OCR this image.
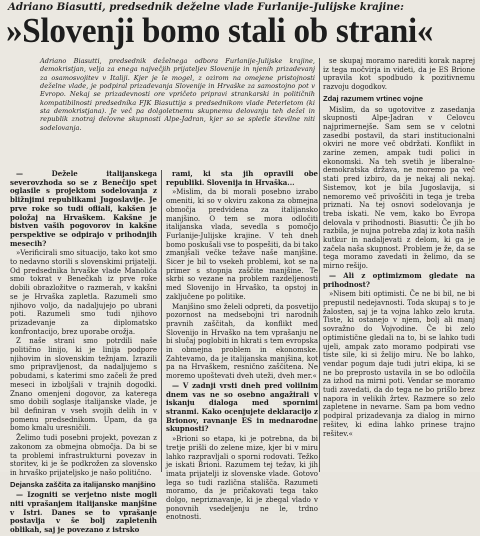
Adriano Biasutti, predsednik deželne vlade Furlanije-Julijske krajine:
»Slovenji bomo stali ob strani«
Adriano Biasutti, predsednik deželnega odbora Furlanije-Julijske krajine, demokristjan, velja za enega največjih prijateljev Slovenije in njenih prizadevanj za osamosvojitev v Italiji. Kjer je le mogel, z ozirom na omejene pristojnosti deželne vlade, je podpiral prizadevanja Slovenije in Hrvaške za samostojno pot v Evropo. Nekaj se prizadevnosti ore vpričeto pripravi strankarski in političnih kompatibilnosti predsedníka FJK Biasuttija s predsednikom vlade Peterletom (ki sta demokristjana). Je več pa dolgoletnemu skupnemu delovanju teh dežel in republik znotraj delovne skupnosti Alpe-Jadran, kjer so se spletle številne niti sodelovanja.

— Dežele italijanskega severovzhoda so se z Benečijo spet oglasile s projektom sodelovanja z bližnjimi republikami Jugoslavije. Je prve roke so tudi ofliali, kakšen je položaj na Hrvaškem. Kakšne je bistven vaših pogovorov in kakšne perspektive se odpirajo v prihodnjih mesecih?

»Verificirali smo situacijo, tako kot smo to nedavno storili s slovenskimi prijatelji. Od predsednika hrvaške vlade Manolića smo tokrat v Benečkah iz prve roke dobili obrazložitve o razmerah, v kakšni se je Hrvaška zapletla. Razumeli smo njihovo voljo, da nadaljujejo po ubrani poti. Razumeli smo tudi njihovo prizadevanje za diplomatsko konfrontacijo, brez uporabe orožja.

Z naše strani smo potrdili naše politično linijo, ki je linija podpore njihovim in slovenskim težnjam. Izrazili smo pripravljenost, da nadaljujemo s pobudami, s katerimi smo začeli že pred meseci in izboljšali v trajnih dogodki. Znano omenjeni dogovor, za katerega smo dobili soglasje italijanske vlade, je bil definiran v vseh svojih delih in v pomenu predsednikom. Upam, da ga bomo kmalu uresničili.

Želimo tudi posebni projekt, povezan z zakonom za obmejna območja. Da bi se ta problemi infrastrukturni povezav in storitev, ki je še podkrožen za slovensko in hrvaško prijateljsko je našo politično.

Dejanska zaščita za italijansko manjšino

— Izogniti se verjetno niste mogli niti vprašanjem italijanske manjšine v Istri. Danes se to vprašanje postavlja v še bolj zapletenih oblikah, saj je povezano z istrsko

rami, ki sta jih opravili obe republiki. Slovenija in Hrvaška...

»Mislim, da bi morali posebno izrabo omeniti, ki so v okviru zakona za obmejna območja predvidena za italijansko manjšino. O tem se mora odločiti italijanska vlada, sevedla s pomočjo Furlanije-Julijske krajine. V teh dneh bomo poskušali vse to pospešiti, da bi tako zmanjšali večke težave naše manjšine. Sicer je bil to vsekeh problemi, kot se na primer s stopnja zaščite manjšine. Te skrbi so vezane na problem razdeljenosti med Slovenijo in Hrvaško, ta opstoj in zaključene po politike.

Manjšino smo želeli odpreti, da posvetijo pozornost na medsebojni tri narodnih pravnih zaščitah, da konflikt med Slovenijo in Hrvaško na tem vprašanju ne bi slučaj poglobiti in hkrati s tem evropska in obmejna problem in ekonomske. Zahtevamo, da je italijanska manjšina, kot pa na Hrvaškem, resnično zaščitena. Ne moremo upoštevati dveh uteži, dveh mer.«

— V zadnji vrsti dneh pred volilnim dnem vas ne so osebno angažirali v iskanju dialoga med spornimi stranmi. Kako ocenjujete deklaracijo z Brionov, ravnanje ES in mednarodne skupnosti?

»Brioni so etapa, ki je potrebna, da bi tretje prišli do zelene mize, kjer bi v miru lahko razpravljali o sporni rodovati. Težko je iskati Brioni. Razumem tej težav, ki jih imata prijatelji iz slovenske vlade. Gotovo lega so tudi različna stališča. Razumeti moramo, da je pričakovati tega tako dolgo, nepriznavanje, ki je zbegal vlado v ponovnih vsedeljenju ne le, trdno enotnosti.

se skupaj moramo narediti korak naprej iz tega močvirja in videti, da je ES Brione upravila kot spodbudo k pozitivnemu razvoju dogodkov.

Zdaj razumem vrtinec vojne

Mislim, da so ugotovitve z zasedanja skupnosti Alpe-Jadran v Celovcu najprimernejše. Sam sem se v celotni zasedbi postavil, da stari institucionalni okviri ne more več obdržati. Konflikt in zarine zemen, ampak tudi polici in ekonomski. Na teh svetih je liberalno-demokratska država, ne moremo pa več stati pred izbiro, da je nekaj ali nekaj. Sistemov, kot je bila Jugoslavija, si nemoremo več privoščiti in tega je treba priznati. Na tej osnovi sodelovanja je treba iskati. Ne vem, kako bo Evropa delovala v prihodnosti. Biasutti: Če jih bo razbila, je nujna potreba zdaj iz kota naših kutkur in nadaljevati z delom, ki ga je začela naša skupnost. Problem je že, da se tega moramo zavedati in želimo, da se mirno rešijo.

— Ali z optimizmom gledate na prihodnost?

»Nisem biti optimisti. Če ne bi bil, ne bi prepustil nedejavnosti. Toda skupaj s to je žalosten, saj je ta vojna lahko zelo kruta. Tiste, ki ostanejo v njem, bolj ali manj sovražno do Vojvodine. Če bi zelo optimistične gledali na to, bi se lahko tudi ujeli, ampak zato moramo podpirati vse tiste sile, ki si želijo miru. Ne bo lahko, vendar pogum daje tudi jutri ekipa, ki se ne bo preprosto ustavila in se bo odločila za izhod na mirni poti. Vendar se moramo tudi zavedati, da do tega ne bo prišlo brez napora in velikih žrtev. Razmere so zelo zapletene in nevarne. Sam pa bom vedno podpiral prizadevanja za dialog in mirno rešitev, ki edina lahko prinese trajno rešitev.«
